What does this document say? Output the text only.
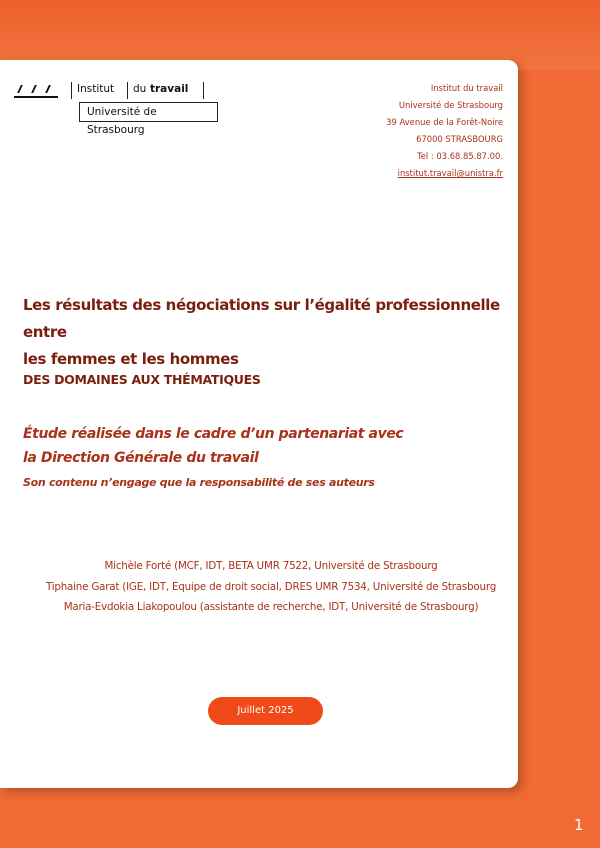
Institut	du travail
Université de Strasbourg
Institut du travail
Université de Strasbourg
39 Avenue de la Forêt-Noire
67000 STRASBOURG
Tel : 03.68.85.87.00.
institut.travail@unistra.fr
Les résultats des négociations sur l’égalité professionnelle entre
les femmes et les hommes
DES DOMAINES AUX THÉMATIQUES
Étude réalisée dans le cadre d’un partenariat avec
la Direction Générale du travail
Son contenu n’engage que la responsabilité de ses auteurs
Michèle Forté (MCF, IDT, BETA UMR 7522, Université de Strasbourg
Tiphaine Garat (IGE, IDT, Equipe de droit social, DRES UMR 7534, Université de Strasbourg
Maria-Evdokia Liakopoulou (assistante de recherche, IDT, Université de Strasbourg)
Juillet 2025
1
